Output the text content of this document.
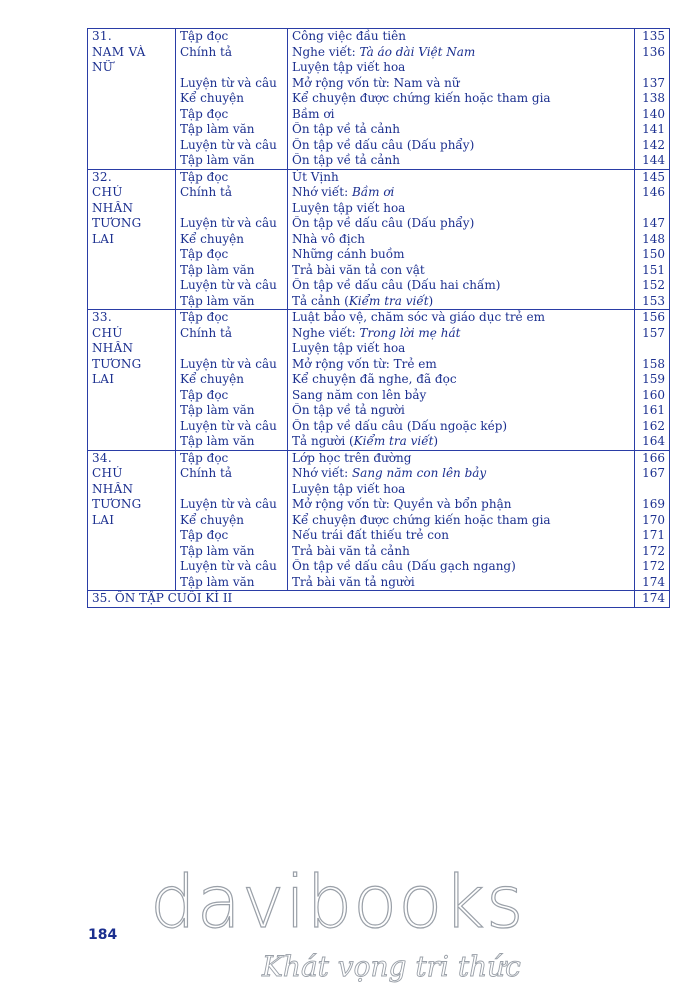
31.	Tập đọc	Công việc đầu tiên	135
NAM VÀ	Chính tả	Nghe viết: Tà áo dài Việt Nam	136
NỮ		Luyện tập viết hoa	
	Luyện từ và câu	Mở rộng vốn từ: Nam và nữ	137
	Kể chuyện	Kể chuyện được chứng kiến hoặc tham gia	138
	Tập đọc	Bầm ơi	140
	Tập làm văn	Ôn tập về tả cảnh	141
	Luyện từ và câu	Ôn tập về dấu câu (Dấu phẩy)	142
	Tập làm văn	Ôn tập về tả cảnh	144
32.	Tập đọc	Út Vịnh	145
CHỦ	Chính tả	Nhớ viết: Bầm ơi	146
NHÂN		Luyện tập viết hoa	
TƯƠNG	Luyện từ và câu	Ôn tập về dấu câu (Dấu phẩy)	147
LAI	Kể chuyện	Nhà vô địch	148
	Tập đọc	Những cánh buồm	150
	Tập làm văn	Trả bài văn tả con vật	151
	Luyện từ và câu	Ôn tập về dấu câu (Dấu hai chấm)	152
	Tập làm văn	Tả cảnh (Kiểm tra viết)	153
33.	Tập đọc	Luật bảo vệ, chăm sóc và giáo dục trẻ em	156
CHỦ	Chính tả	Nghe viết: Trong lời mẹ hát	157
NHÂN		Luyện tập viết hoa	
TƯƠNG	Luyện từ và câu	Mở rộng vốn từ: Trẻ em	158
LAI	Kể chuyện	Kể chuyện đã nghe, đã đọc	159
	Tập đọc	Sang năm con lên bảy	160
	Tập làm văn	Ôn tập về tả người	161
	Luyện từ và câu	Ôn tập về dấu câu (Dấu ngoặc kép)	162
	Tập làm văn	Tả người (Kiểm tra viết)	164
34.	Tập đọc	Lớp học trên đường	166
CHỦ	Chính tả	Nhớ viết: Sang năm con lên bảy	167
NHÂN		Luyện tập viết hoa	
TƯƠNG	Luyện từ và câu	Mở rộng vốn từ: Quyền và bổn phận	169
LAI	Kể chuyện	Kể chuyện được chứng kiến hoặc tham gia	170
	Tập đọc	Nếu trái đất thiếu trẻ con	171
	Tập làm văn	Trả bài văn tả cảnh	172
	Luyện từ và câu	Ôn tập về dấu câu (Dấu gạch ngang)	172
	Tập làm văn	Trả bài văn tả người	174
35. ÔN TẬP CUỐI KÌ II			174
184 davibooks
Khát vọng tri thức
